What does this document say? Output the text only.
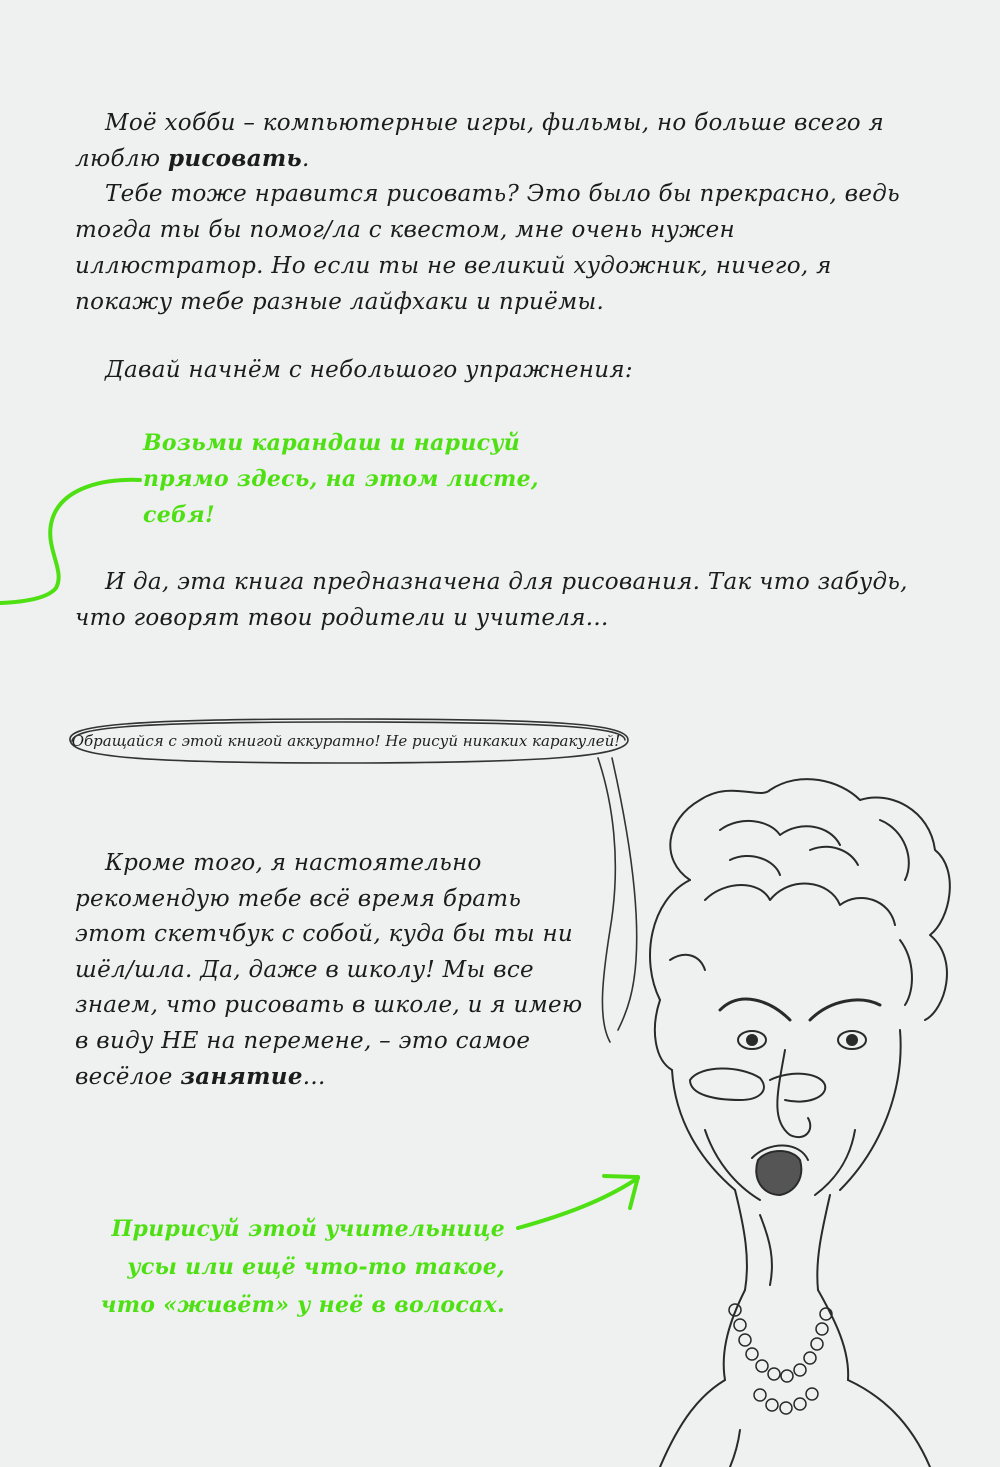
Моё хобби – компьютерные игры, фильмы, но больше всего я люблю рисовать.

Тебе тоже нравится рисовать? Это было бы прекрасно, ведь тогда ты бы помог/ла с квестом, мне очень нужен иллюстратор. Но если ты не великий художник, ничего, я покажу тебе разные лайфхаки и приёмы.

Давай начнём с небольшого упражнения:

Возьми карандаш и нарисуй прямо здесь, на этом листе, себя!

И да, эта книга предназначена для рисования. Так что забудь, что говорят твои родители и учителя...

Обращайся с этой книгой аккуратно! Не рисуй никаких каракулей!

Кроме того, я настоятельно рекомендую тебе всё время брать этот скетчбук с собой, куда бы ты ни шёл/шла. Да, даже в школу! Мы все знаем, что рисовать в школе, и я имею в виду НЕ на перемене, – это самое весёлое занятие...

Пририсуй этой учительнице усы или ещё что-то такое, что «живёт» у неё в волосах.
